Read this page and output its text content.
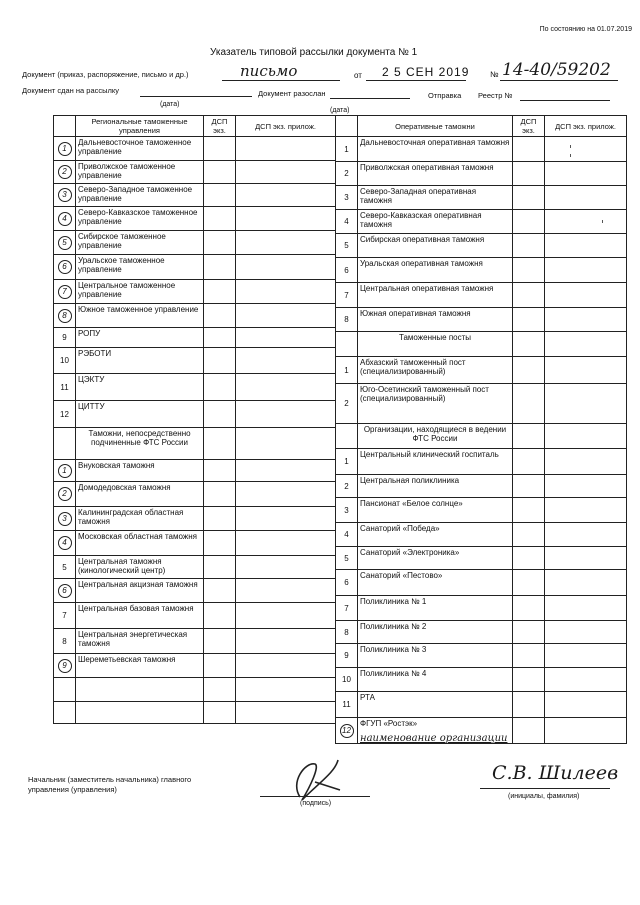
По состоянию на 01.07.2019
Указатель типовой рассылки документа № 1
Документ (приказ, распоряжение, письмо и др.)	письмо	от 2 5 СЕН 2019	№ 14-40/59202
Документ сдан на рассылку	Документ разослан	Отправка Реестр №
(дата)
(дата)
	Региональные таможенные управления	ДСП экз.	ДСП экз. прилож.
1	Дальневосточное таможенное управление		
2	Приволжское таможенное управление		
3	Северо-Западное таможенное управление		
4	Северо-Кавказское таможенное управление		
5	Сибирское таможенное управление		
6	Уральское таможенное управление		
7	Центральное таможенное управление		
8	Южное таможенное управление		
9	РОПУ		
10	РЭБОТИ		
11	ЦЭКТУ		
12	ЦИТТУ		
	Таможни, непосредственно подчиненные ФТС России		
1	Внуковская таможня		
2	Домодедовская таможня		
3	Калининградская областная таможня		
4	Московская областная таможня		
5	Центральная таможня (кинологический центр)		
6	Центральная акцизная таможня		
7	Центральная базовая таможня		
8	Центральная энергетическая таможня		
9	Шереметьевская таможня		

	Оперативные таможни	ДСП экз.	ДСП экз. прилож.
1	Дальневосточная оперативная таможня		
2	Приволжская оперативная таможня		
3	Северо-Западная оперативная таможня		
4	Северо-Кавказская оперативная таможня		
5	Сибирская оперативная таможня		
6	Уральская оперативная таможня		
7	Центральная оперативная таможня		
8	Южная оперативная таможня		
	Таможенные посты		
1	Абхазский таможенный пост (специализированный)		
2	Юго-Осетинский таможенный пост (специализированный)		
	Организации, находящиеся в ведении ФТС России		
1	Центральный клинический госпиталь		
2	Центральная поликлиника		
3	Пансионат «Белое солнце»		
4	Санаторий «Победа»		
5	Санаторий «Электроника»		
6	Санаторий «Пестово»		
7	Поликлиника № 1		
8	Поликлиника № 2		
9	Поликлиника № 3		
10	Поликлиника № 4		
11	РТА		
12	ФГУП «Ростэк»		
наименование организации
Начальник (заместитель начальника) главного управления (управления)
(подпись)
С.В. Шилеев
(инициалы, фамилия)
